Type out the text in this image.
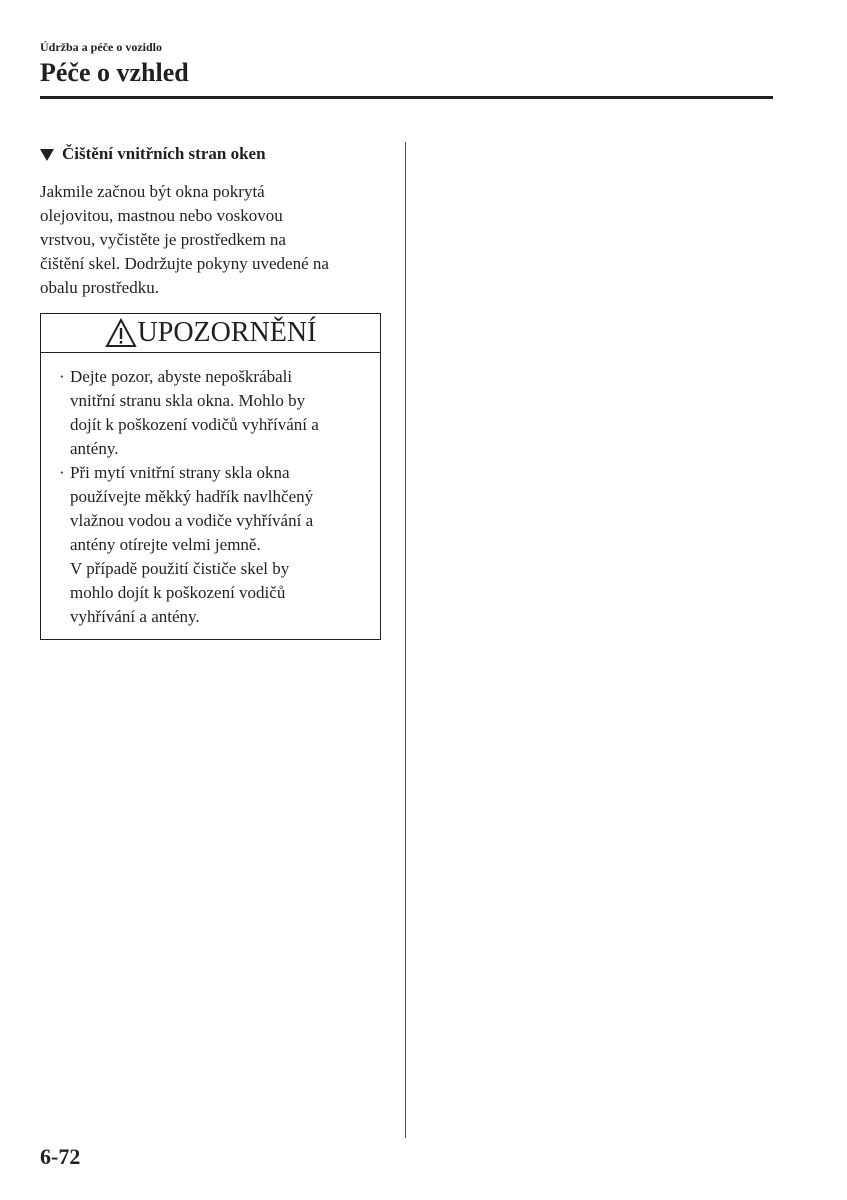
Údržba a péče o vozidlo
Péče o vzhled
Čištění vnitřních stran oken

Jakmile začnou být okna pokrytá
olejovitou, mastnou nebo voskovou
vrstvou, vyčistěte je prostředkem na
čištění skel. Dodržujte pokyny uvedené na
obalu prostředku.

UPOZORNĚNÍ
· Dejte pozor, abyste nepoškrábali
vnitřní stranu skla okna. Mohlo by
dojít k poškození vodičů vyhřívání a
antény.
· Při mytí vnitřní strany skla okna
používejte měkký hadřík navlhčený
vlažnou vodou a vodiče vyhřívání a
antény otírejte velmi jemně.
V případě použití čističe skel by
mohlo dojít k poškození vodičů
vyhřívání a antény.
6-72
